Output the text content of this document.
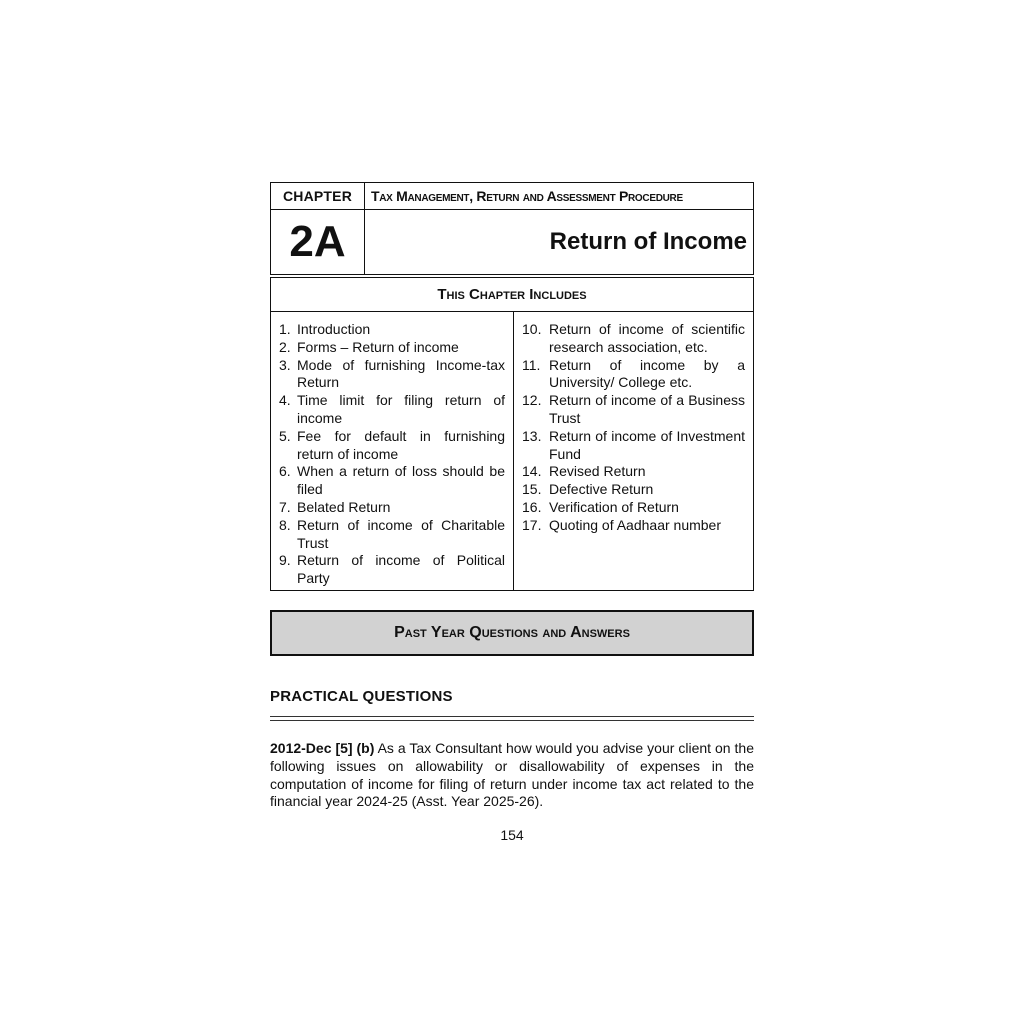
CHAPTER	Tax Management, Return and Assessment Procedure
2A	Return of Income
This Chapter Includes
1. Introduction
2. Forms – Return of income
3. Mode of furnishing Income-tax Return
4. Time limit for filing return of income
5. Fee for default in furnishing return of income
6. When a return of loss should be filed
7. Belated Return
8. Return of income of Charitable Trust
9. Return of income of Political Party
10. Return of income of scientific research association, etc.
11. Return of income by a University/ College etc.
12. Return of income of a Business Trust
13. Return of income of Investment Fund
14. Revised Return
15. Defective Return
16. Verification of Return
17. Quoting of Aadhaar number
Past Year Questions and Answers
PRACTICAL QUESTIONS
2012-Dec [5] (b) As a Tax Consultant how would you advise your client on the following issues on allowability or disallowability of expenses in the computation of income for filing of return under income tax act related to the financial year 2024-25 (Asst. Year 2025-26).
154
